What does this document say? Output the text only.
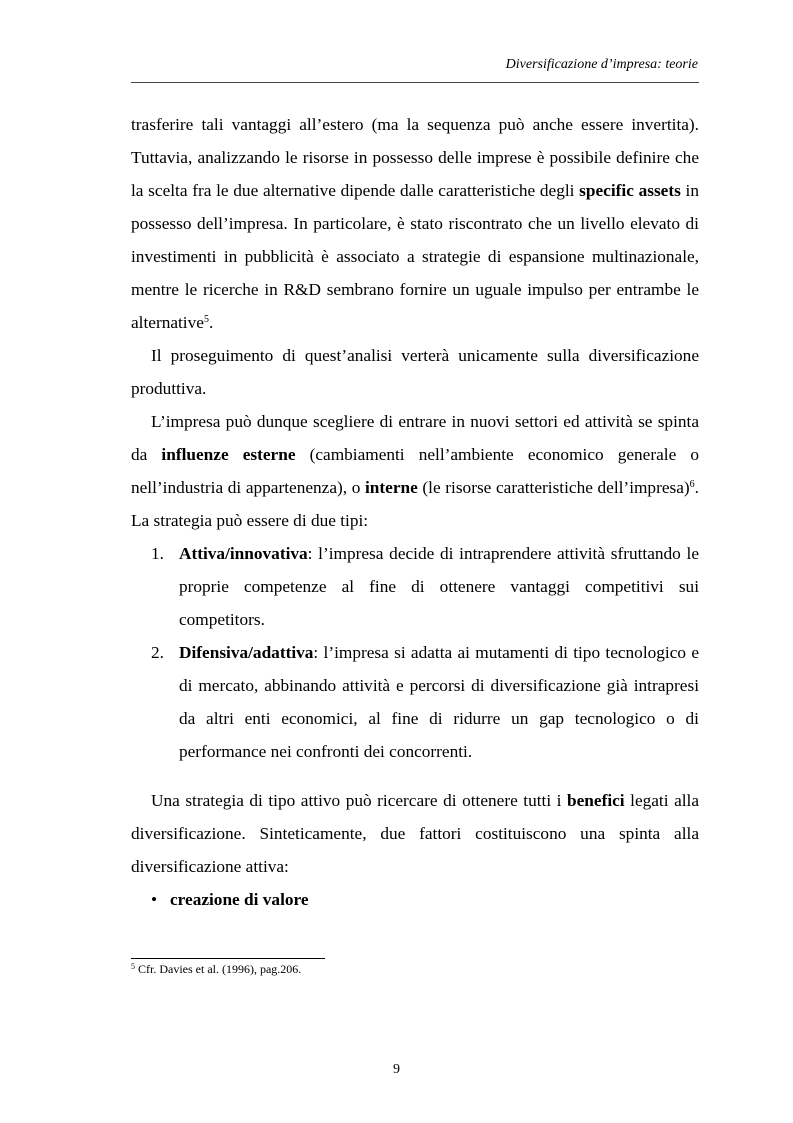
Diversificazione d’impresa: teorie

trasferire tali vantaggi all’estero (ma la sequenza può anche essere invertita). Tuttavia, analizzando le risorse in possesso delle imprese è possibile definire che la scelta fra le due alternative dipende dalle caratteristiche degli specific assets in possesso dell’impresa. In particolare, è stato riscontrato che un livello elevato di investimenti in pubblicità è associato a strategie di espansione multinazionale, mentre le ricerche in R&D sembrano fornire un uguale impulso per entrambe le alternative$^5$.

Il proseguimento di quest’analisi verterà unicamente sulla diversificazione produttiva.

L’impresa può dunque scegliere di entrare in nuovi settori ed attività se spinta da influenze esterne (cambiamenti nell’ambiente economico generale o nell’industria di appartenenza), o interne (le risorse caratteristiche dell’impresa)$^6$. La strategia può essere di due tipi:

1. Attiva/innovativa: l’impresa decide di intraprendere attività sfruttando le proprie competenze al fine di ottenere vantaggi competitivi sui competitors.
2. Difensiva/adattiva: l’impresa si adatta ai mutamenti di tipo tecnologico e di mercato, abbinando attività e percorsi di diversificazione già intrapresi da altri enti economici, al fine di ridurre un gap tecnologico o di performance nei confronti dei concorrenti.

Una strategia di tipo attivo può ricercare di ottenere tutti i benefici legati alla diversificazione. Sinteticamente, due fattori costituiscono una spinta alla diversificazione attiva:

• creazione di valore
$^5$ Cfr. Davies et al. (1996), pag.206.
9
